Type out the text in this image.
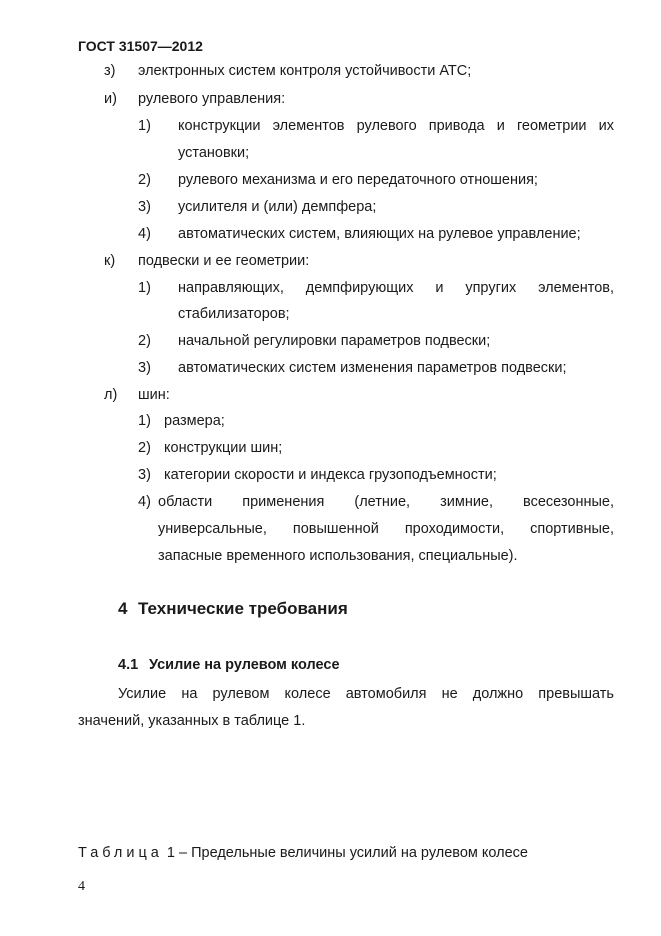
ГОСТ 31507—2012
з) электронных систем контроля устойчивости АТС;
и) рулевого управления:
1) конструкции элементов рулевого привода и геометрии их
установки;
2) рулевого механизма и его передаточного отношения;
3) усилителя и (или) демпфера;
4) автоматических систем, влияющих на рулевое управление;
к) подвески и ее геометрии:
1) направляющих, демпфирующих и упругих элементов,
стабилизаторов;
2) начальной регулировки параметров подвески;
3) автоматических систем изменения параметров подвески;
л) шин:
1) размера;
2) конструкции шин;
3) категории скорости и индекса грузоподъемности;
4) области применения (летние, зимние, всесезонные,
универсальные, повышенной проходимости, спортивные,
запасные временного использования, специальные).
4 Технические требования
4.1 Усилие на рулевом колесе
Усилие на рулевом колесе автомобиля не должно превышать
значений, указанных в таблице 1.
Таблица 1 – Предельные величины усилий на рулевом колесе
4
